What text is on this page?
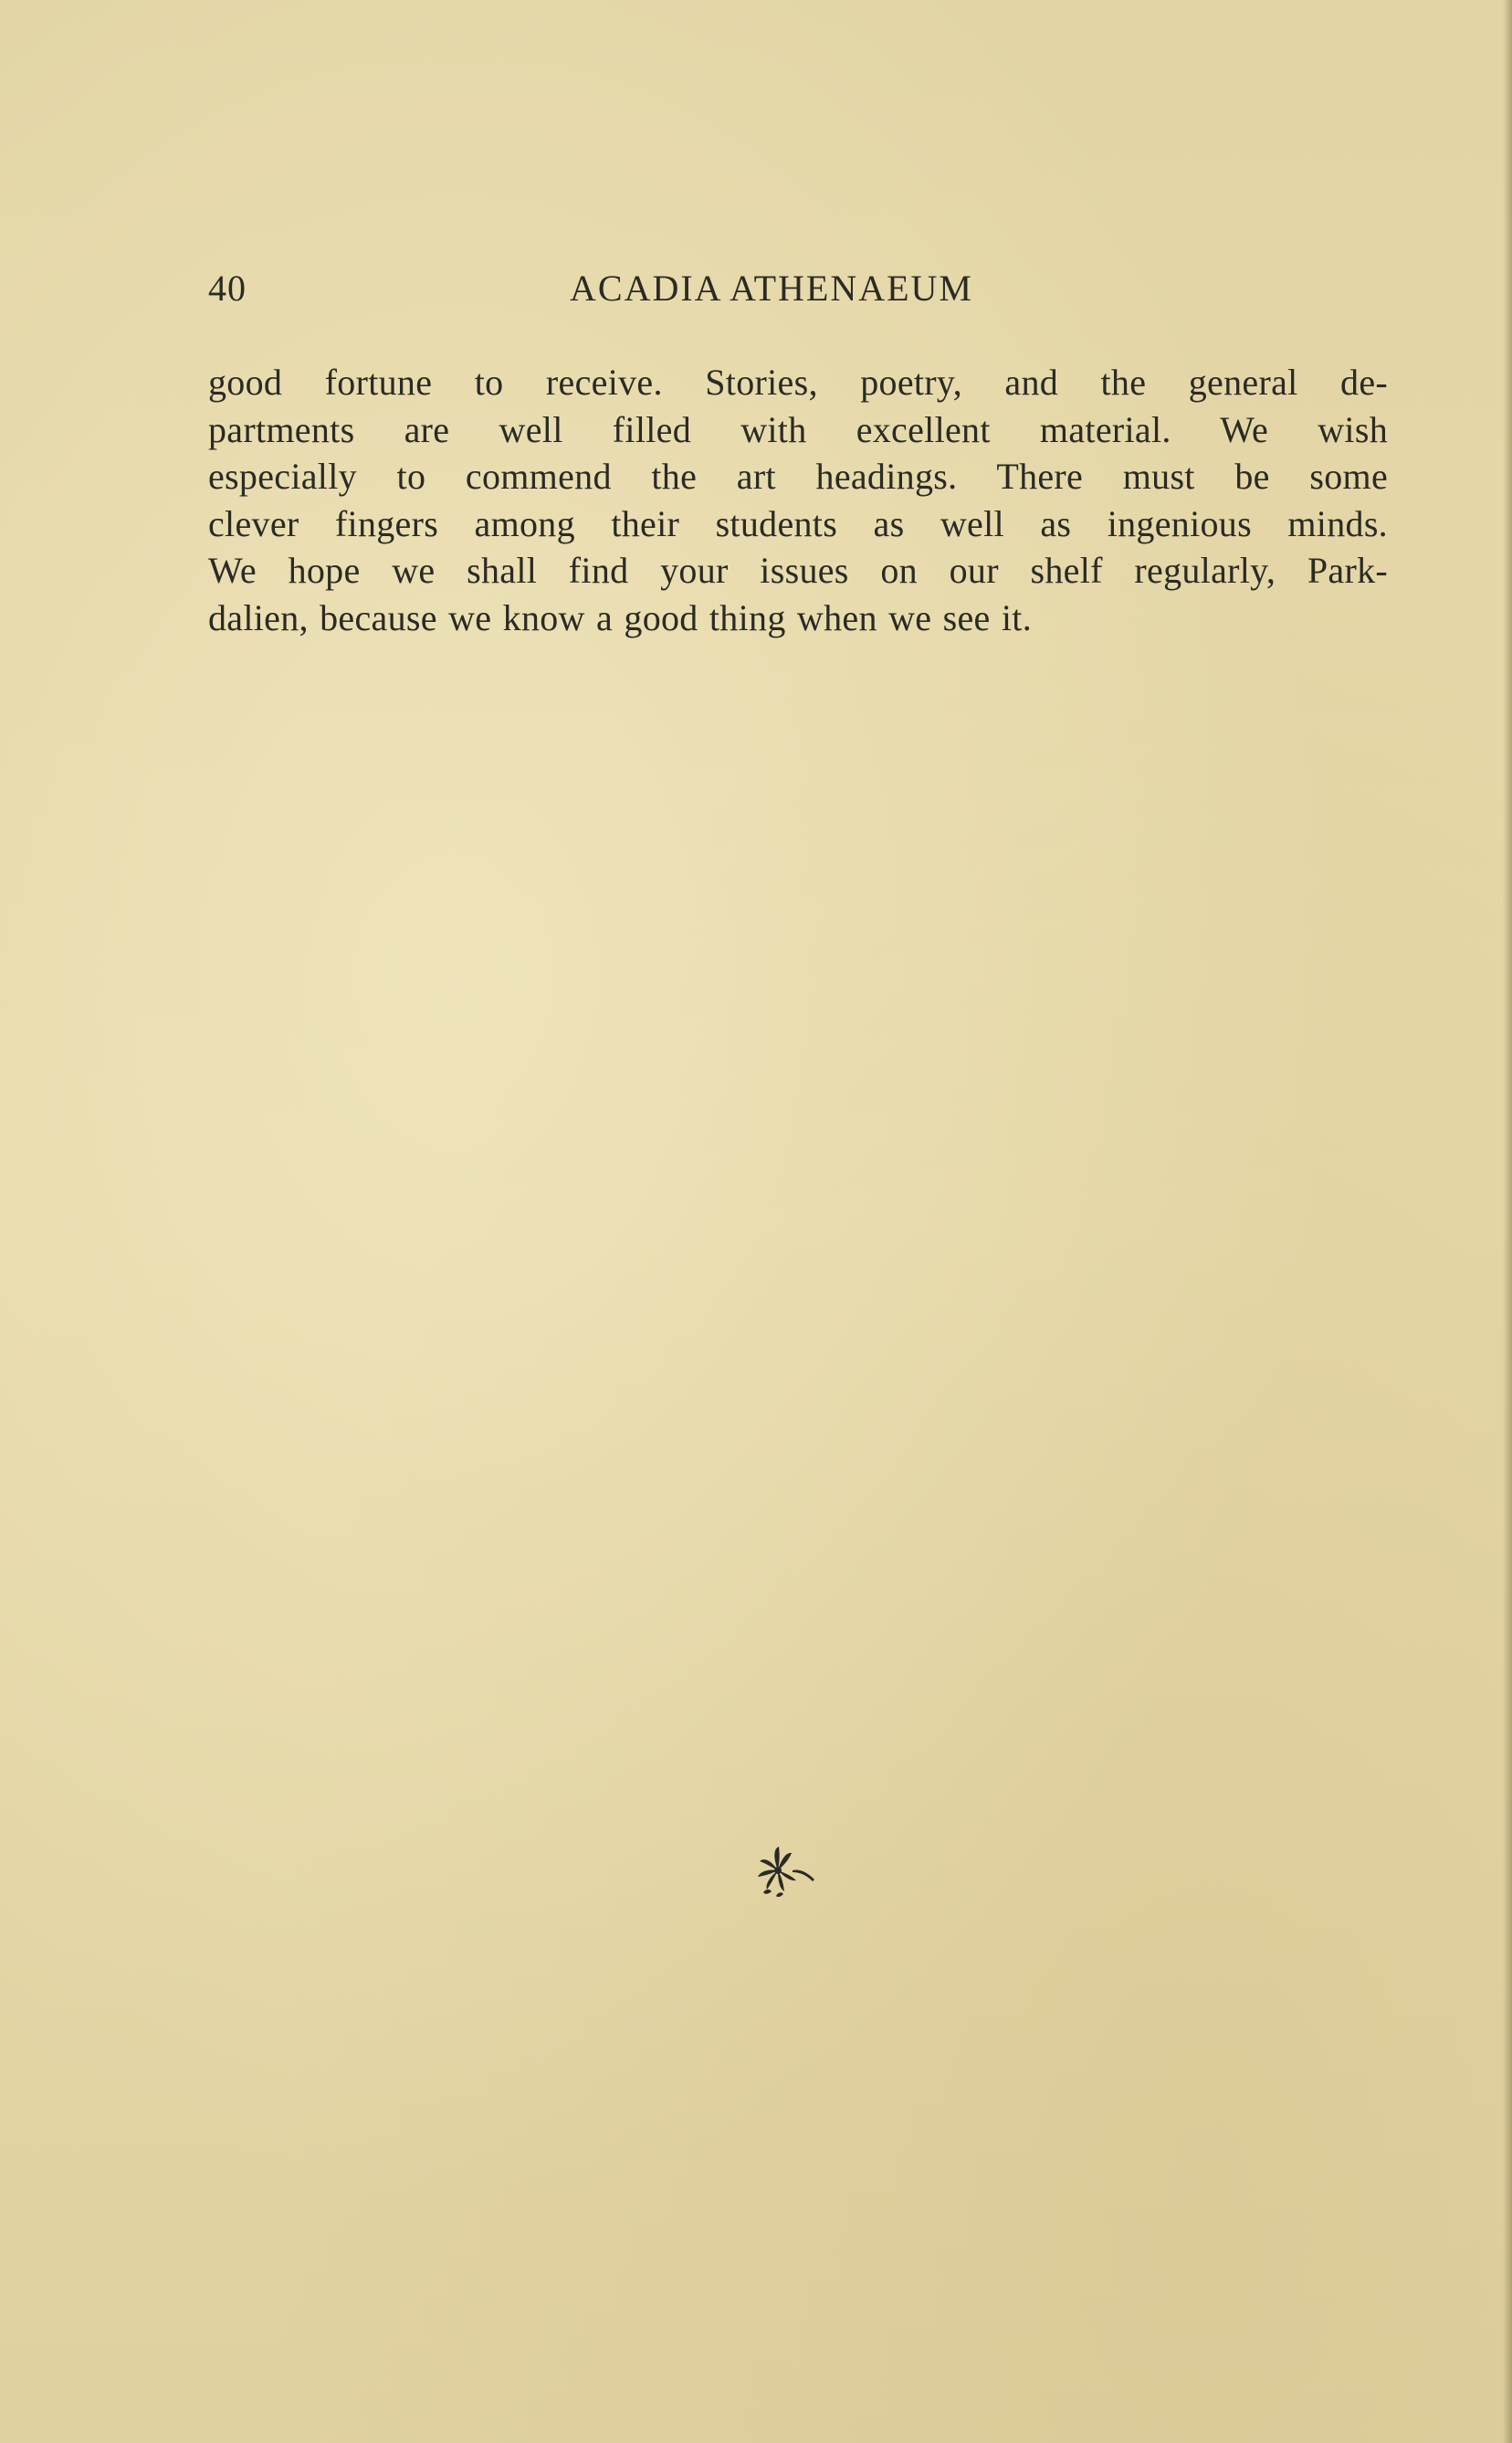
40	ACADIA ATHENAEUM

good fortune to receive. Stories, poetry, and the general de-
partments are well filled with excellent material. We wish
especially to commend the art headings. There must be some
clever fingers among their students as well as ingenious minds.
We hope we shall find your issues on our shelf regularly, Park-
dalien, because we know a good thing when we see it.
